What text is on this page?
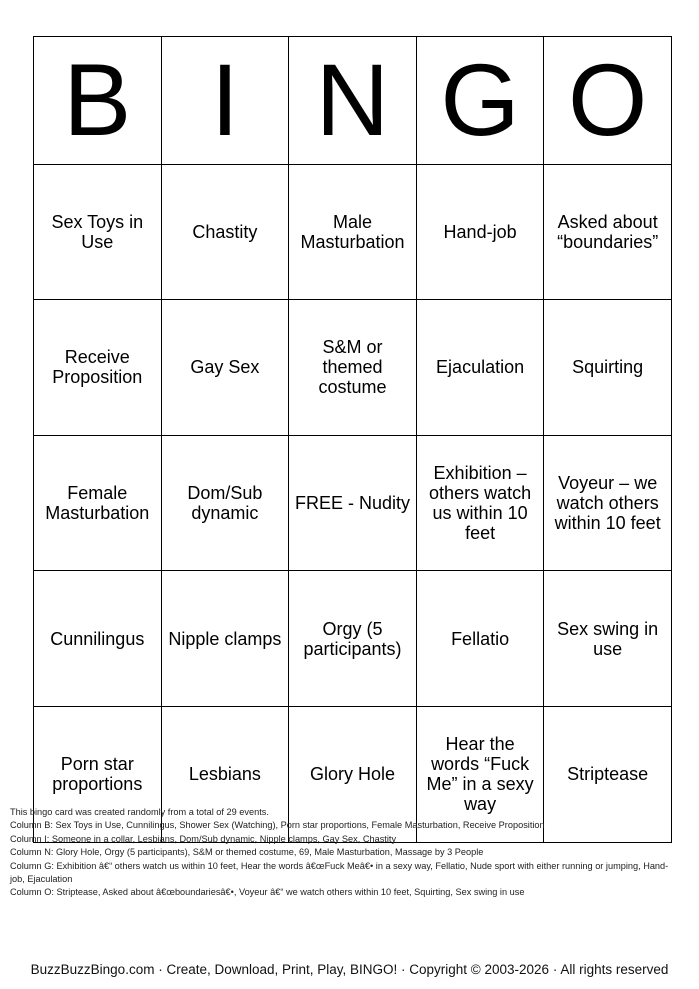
B	I	N	G	O
Sex Toys in Use	Chastity	Male Masturbation	Hand-job	Asked about “boundaries”
Receive Proposition	Gay Sex	S&M or themed costume	Ejaculation	Squirting
Female Masturbation	Dom/Sub dynamic	FREE - Nudity	Exhibition – others watch us within 10 feet	Voyeur – we watch others within 10 feet
Cunnilingus	Nipple clamps	Orgy (5 participants)	Fellatio	Sex swing in use
Porn star proportions	Lesbians	Glory Hole	Hear the words “Fuck Me” in a sexy way	Striptease
This bingo card was created randomly from a total of 29 events.
Column B: Sex Toys in Use, Cunnilingus, Shower Sex (Watching), Porn star proportions, Female Masturbation, Receive Proposition
Column I: Someone in a collar, Lesbians, Dom/Sub dynamic, Nipple clamps, Gay Sex, Chastity
Column N: Glory Hole, Orgy (5 participants), S&M or themed costume, 69, Male Masturbation, Massage by 3 People
Column G: Exhibition â€“ others watch us within 10 feet, Hear the words â€œFuck Meâ€• in a sexy way, Fellatio, Nude sport with either running or jumping, Hand-job, Ejaculation
Column O: Striptease, Asked about â€œboundariesâ€•, Voyeur â€“ we watch others within 10 feet, Squirting, Sex swing in use
BuzzBuzzBingo.com · Create, Download, Print, Play, BINGO! · Copyright © 2003-2026 · All rights reserved
